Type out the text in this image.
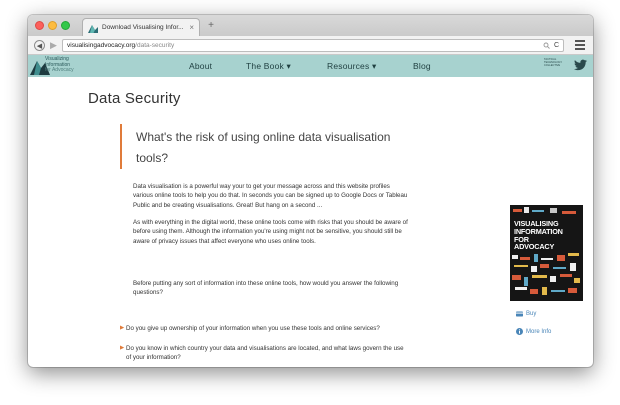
Download Visualising Infor... ×	+
◀ ▶	visualisingadvocacy.org /data-security	C
Visualizing
Information
for Advocacy	About	The Book ▾	Resources ▾	Blog
TACTICAL
TECHNOLOGY
COLLECTIVE
Data Security
What's the risk of using online data visualisation tools?

Data visualisation is a powerful way your to get your message across and this website profiles various online tools to help you do that. In seconds you can be signed up to Google Docs or Tableau Public and be creating visualisations. Great! But hang on a second ...

As with everything in the digital world, these online tools come with risks that you should be aware of before using them. Although the information you're using might not be sensitive, you should still be aware of privacy issues that affect everyone who uses online tools.

Before putting any sort of information into these online tools, how would you answer the following questions?

▶ Do you give up ownership of your information when you use these tools and online services?
▶ Do you know in which country your data and visualisations are located, and what laws govern the use of your information?
VISUALISING
INFORMATION
FOR
ADVOCACY
Buy
More Info
